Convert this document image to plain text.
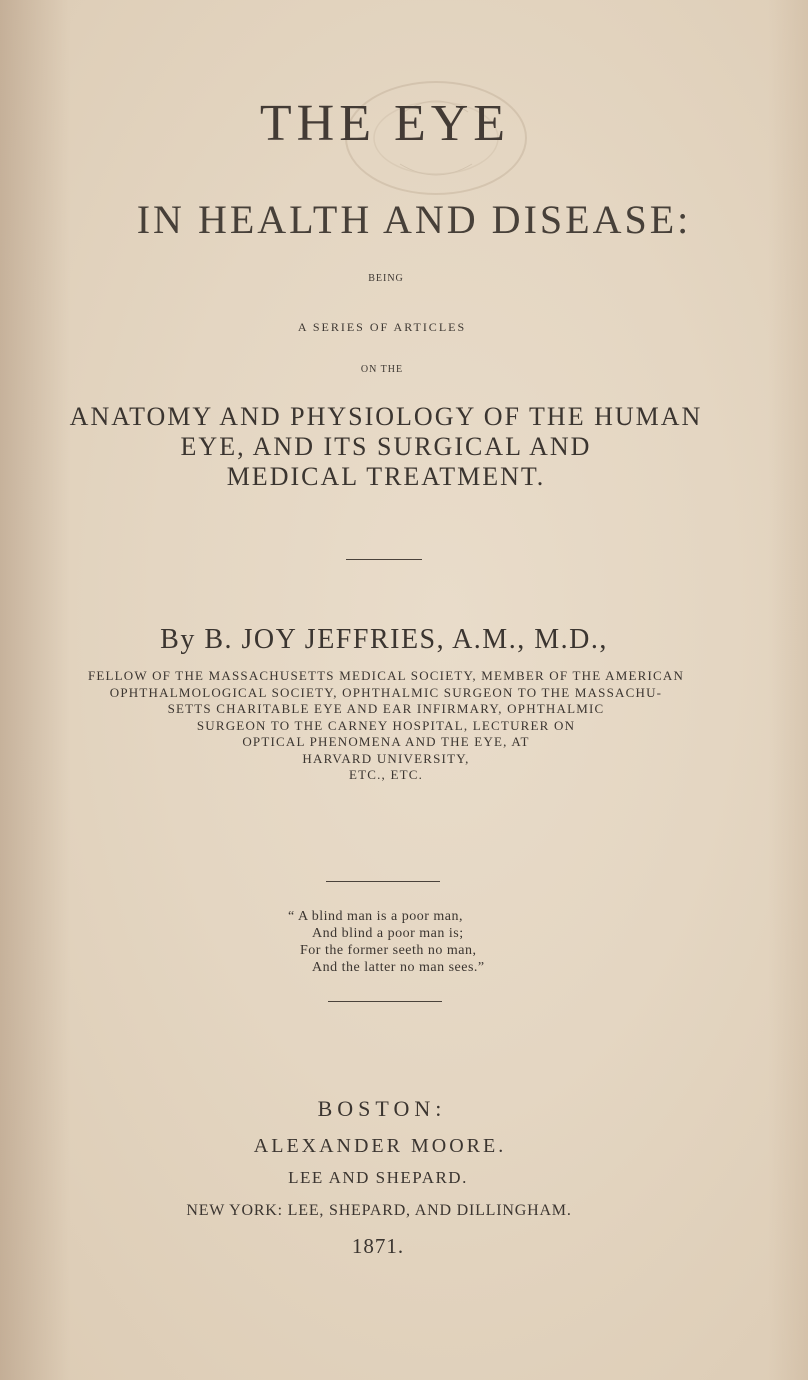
THE EYE
IN HEALTH AND DISEASE:
BEING
A SERIES OF ARTICLES
ON THE
ANATOMY AND PHYSIOLOGY OF THE HUMAN
EYE, AND ITS SURGICAL AND
MEDICAL TREATMENT.
By B. JOY JEFFRIES, A.M., M.D.,
FELLOW OF THE MASSACHUSETTS MEDICAL SOCIETY, MEMBER OF THE AMERICAN
OPHTHALMOLOGICAL SOCIETY, OPHTHALMIC SURGEON TO THE MASSACHU-
SETTS CHARITABLE EYE AND EAR INFIRMARY, OPHTHALMIC
SURGEON TO THE CARNEY HOSPITAL, LECTURER ON
OPTICAL PHENOMENA AND THE EYE, AT
HARVARD UNIVERSITY,
ETC., ETC.
“ A blind man is a poor man,
And blind a poor man is;
For the former seeth no man,
And the latter no man sees.”
BOSTON:
ALEXANDER MOORE.
LEE AND SHEPARD.
NEW YORK: LEE, SHEPARD, AND DILLINGHAM.
1871.
